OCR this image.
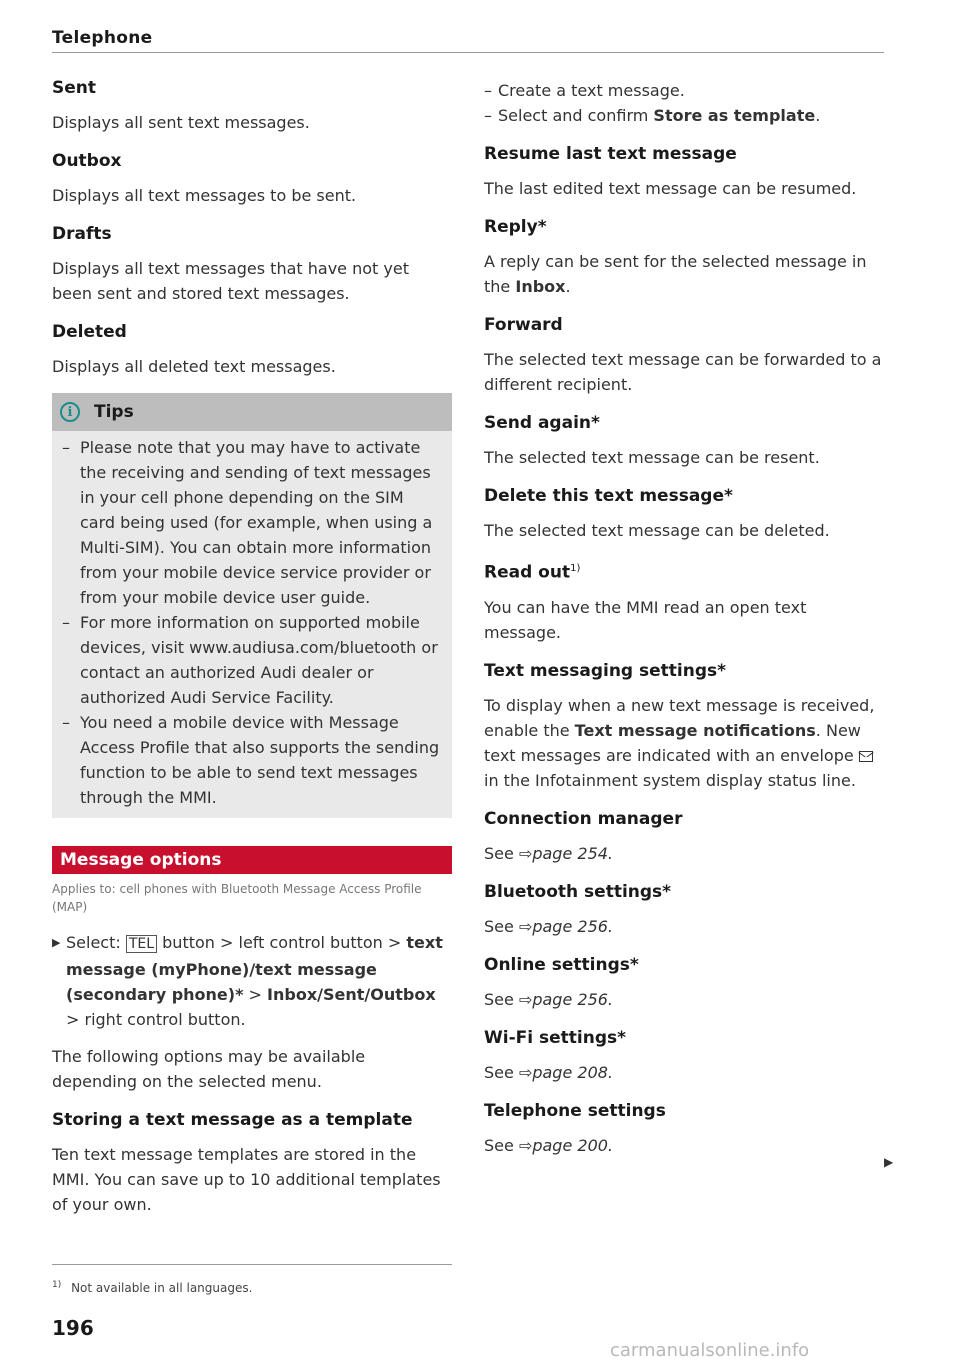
Telephone
Sent

Displays all sent text messages.

Outbox

Displays all text messages to be sent.

Drafts

Displays all text messages that have not yet been sent and stored text messages.

Deleted

Displays all deleted text messages.

i	Tips
– Please note that you may have to activate the receiving and sending of text messages in your cell phone depending on the SIM card being used (for example, when using a Multi-SIM). You can obtain more information from your mobile device service provider or from your mobile device user guide.
– For more information on supported mobile devices, visit www.audiusa.com/bluetooth or contact an authorized Audi dealer or authorized Audi Service Facility.
– You need a mobile device with Message Access Profile that also supports the sending function to be able to send text messages through the MMI.
Message options

Applies to: cell phones with Bluetooth Message Access Profile (MAP)

▶ Select: TEL button > left control button > text message (myPhone)/text message (secondary phone)* > Inbox/Sent/Outbox > right control button.

The following options may be available depending on the selected menu.

Storing a text message as a template

Ten text message templates are stored in the MMI. You can save up to 10 additional templates of your own.

– Create a text message.

– Select and confirm Store as template.

Resume last text message

The last edited text message can be resumed.

Reply*

A reply can be sent for the selected message in the Inbox.

Forward

The selected text message can be forwarded to a different recipient.

Send again*

The selected text message can be resent.

Delete this text message*

The selected text message can be deleted.

Read out$^{1)}$

You can have the MMI read an open text message.

Text messaging settings*

To display when a new text message is received, enable the Text message notifications. New text messages are indicated with an envelope  in the Infotainment system display status line.

Connection manager

See ⇨page 254.

Bluetooth settings*

See ⇨page 256.

Online settings*

See ⇨page 256.

Wi-Fi settings*

See ⇨page 208.

Telephone settings

See ⇨page 200.

▶
$^{1)}$ Not available in all languages.
196
carmanualsonline.info
